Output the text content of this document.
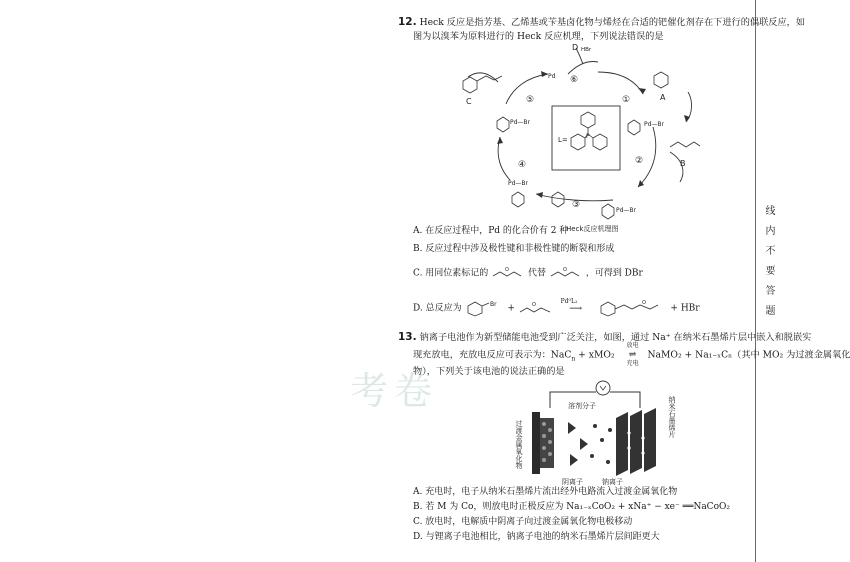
线内不要答题
考卷
12. Heck 反应是指芳基、乙烯基或苄基卤化物与烯烃在合适的钯催化剂存在下进行的偶联反应，如
图为以溴苯为原料进行的 Heck 反应机理，下列说法错误的是
①
②
③
④
⑤
⑥
L=	P
Pd
Pd—Br
Pd—Br
Pd—Br
Pd—Br
A
B
C
D HBr
Heck反应机理图
A. 在反应过程中，Pd 的化合价有 2 种
B. 反应过程中涉及极性键和非极性键的断裂和形成
C. 用同位素标记的	O 代替	O ，可得到 DBr
D. 总反应为	Br +	O

Pd⁰L₂
⟶
O
+ HBr
13. 钠离子电池作为新型储能电池受到广泛关注，如图，通过 Na⁺ 在纳米石墨烯片层中嵌入和脱嵌实
现充放电，充放电反应可表示为：NaC$_n$ + xMO₂
放电
⇌
充电
NaMO₂ + Na₁₋ₓCₙ（其中 MO₂ 为过渡金属氧化
物），下列关于该电池的说法正确的是
溶剂分子
阴离子	钠离子
过渡金属氧化物
纳米石墨烯片
A. 充电时，电子从纳米石墨烯片流出经外电路流入过渡金属氧化物
B. 若 M 为 Co，则放电时正极反应为 Na₁₋ₓCoO₂ + xNa⁺ − xe⁻ ══NaCoO₂
C. 放电时，电解质中阴离子向过渡金属氧化物电极移动
D. 与锂离子电池相比，钠离子电池的纳米石墨烯片层间距更大
